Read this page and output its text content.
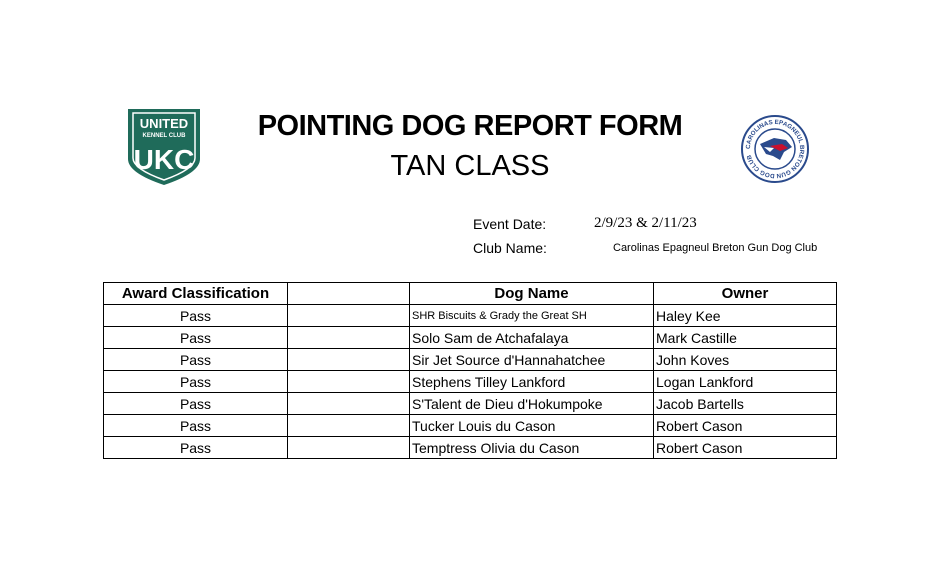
UNITED
KENNEL CLUB
UKC	CAROLINAS EPAGNEUL BRETON GUN DOG CLUB
POINTING DOG REPORT FORM
TAN CLASS
Event Date:	2/9/23 & 2/11/23
Club Name:	Carolinas Epagneul Breton Gun Dog Club
Award Classification		Dog Name	Owner
Pass		SHR Biscuits & Grady the Great SH	Haley Kee
Pass		Solo Sam de Atchafalaya	Mark Castille
Pass		Sir Jet Source d'Hannahatchee	John Koves
Pass		Stephens Tilley Lankford	Logan Lankford
Pass		S'Talent de Dieu d'Hokumpoke	Jacob Bartells
Pass		Tucker Louis du Cason	Robert Cason
Pass		Temptress Olivia du Cason	Robert Cason
